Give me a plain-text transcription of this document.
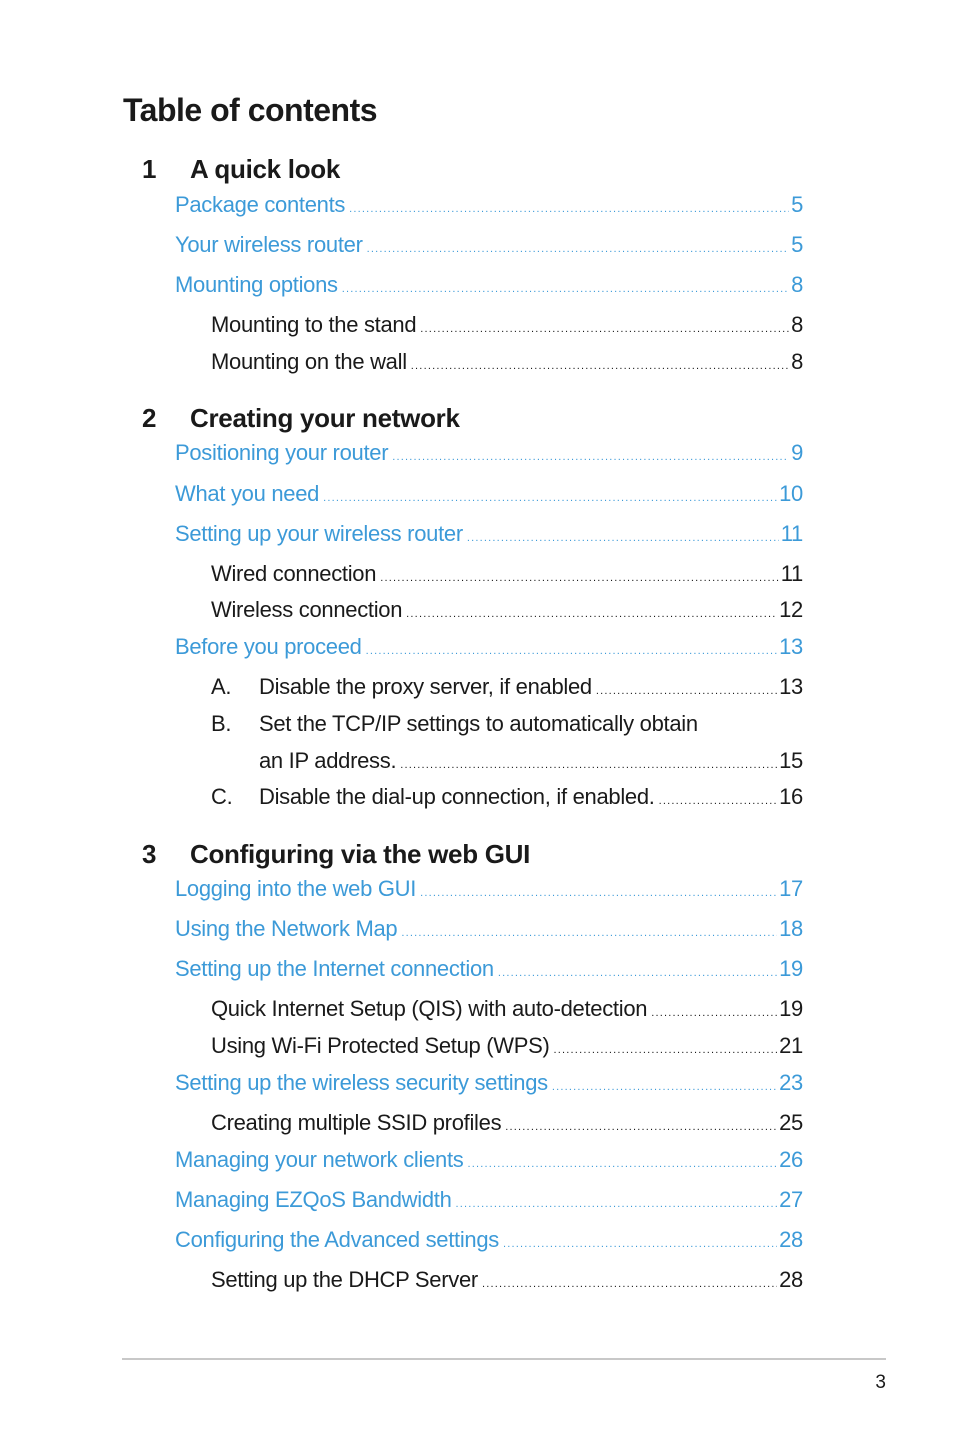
Table of contents
1 A quick look
Package contents .....	5
Your wireless router .....	5
Mounting options .....	8
Mounting to the stand .....	8
Mounting on the wall .....	8
2 Creating your network
Positioning your router .....	9
What you need .....	10
Setting up your wireless router .....	11
Wired connection .....	11
Wireless connection .....	12
Before you proceed .....	13
A.	Disable the proxy server, if enabled .....	13
B.	Set the TCP/IP settings to automatically obtain
an IP address. .....	15
C.	Disable the dial-up connection, if enabled. .....	16
3 Configuring via the web GUI
Logging into the web GUI .....	17
Using the Network Map .....	18
Setting up the Internet connection .....	19
Quick Internet Setup (QIS) with auto-detection .....	19
Using Wi-Fi Protected Setup (WPS) .....	21
Setting up the wireless security settings .....	23
Creating multiple SSID profiles .....	25
Managing your network clients .....	26
Managing EZQoS Bandwidth .....	27
Configuring the Advanced settings .....	28
Setting up the DHCP Server .....	28
3
